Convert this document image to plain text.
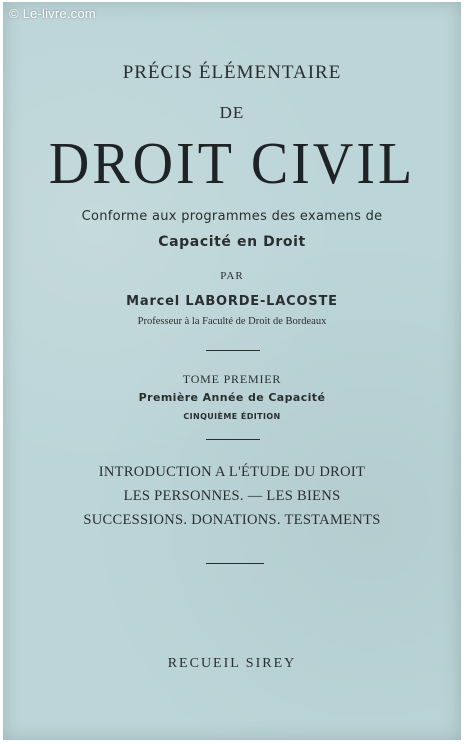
© Le-livre.com
PRÉCIS ÉLÉMENTAIRE
DE
DROIT CIVIL
Conforme aux programmes des examens de
Capacité en Droit
PAR
Marcel LABORDE-LACOSTE
Professeur à la Faculté de Droit de Bordeaux
TOME PREMIER
Première Année de Capacité
CINQUIÈME ÉDITION
INTRODUCTION A L'ÉTUDE DU DROIT
LES PERSONNES. — LES BIENS
SUCCESSIONS. DONATIONS. TESTAMENTS
RECUEIL SIREY
